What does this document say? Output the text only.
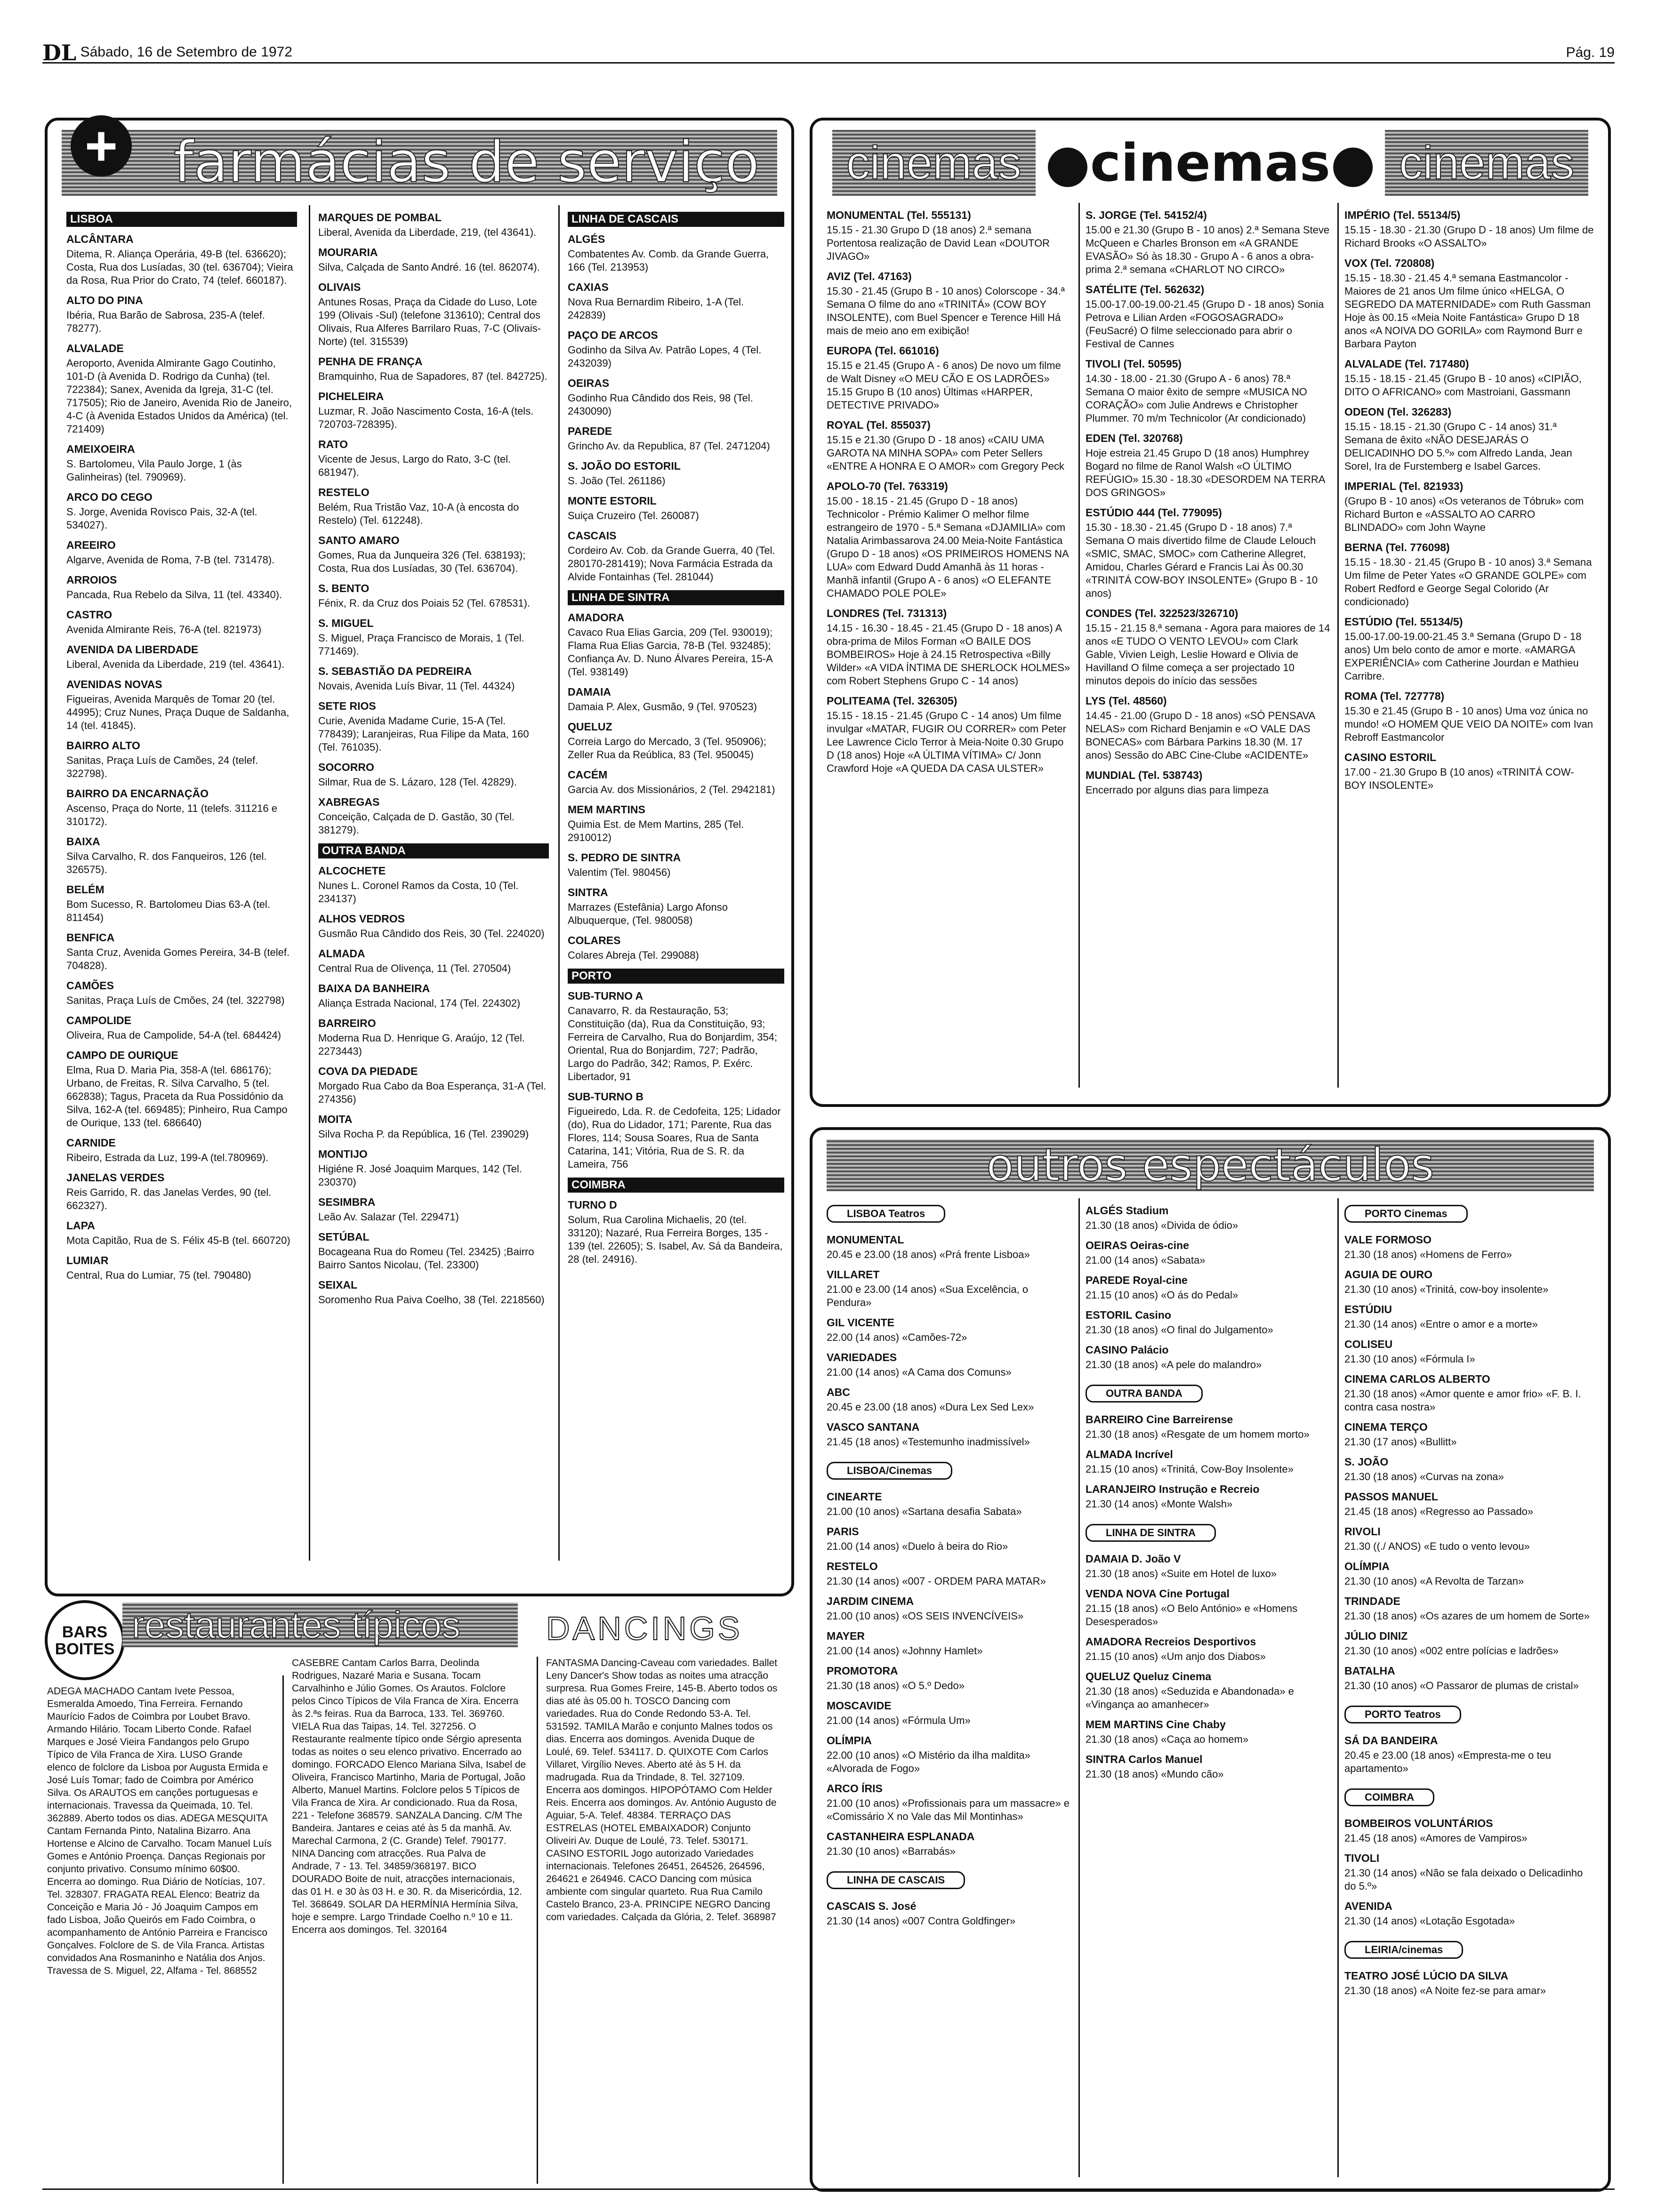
DL Sábado, 16 de Setembro de 1972	Pág. 19
farmácias de serviço
LISBOA
ALCÂNTARA

Ditema, R. Aliança Operária, 49-B (tel. 636620); Costa, Rua dos Lusíadas, 30 (tel. 636704); Vieira da Rosa, Rua Prior do Crato, 74 (telef. 660187).

ALTO DO PINA

Ibéria, Rua Barão de Sabrosa, 235-A (telef. 78277).

ALVALADE

Aeroporto, Avenida Almirante Gago Coutinho, 101-D (à Avenida D. Rodrigo da Cunha) (tel. 722384); Sanex, Avenida da Igreja, 31-C (tel. 717505); Rio de Janeiro, Avenida Rio de Janeiro, 4-C (à Avenida Estados Unidos da América) (tel. 721409)

AMEIXOEIRA

S. Bartolomeu, Vila Paulo Jorge, 1 (às Galinheiras) (tel. 790969).

ARCO DO CEGO

S. Jorge, Avenida Rovisco Pais, 32-A (tel. 534027).

AREEIRO

Algarve, Avenida de Roma, 7-B (tel. 731478).

ARROIOS

Pancada, Rua Rebelo da Silva, 11 (tel. 43340).

CASTRO

Avenida Almirante Reis, 76-A (tel. 821973)

AVENIDA DA LIBERDADE

Liberal, Avenida da Liberdade, 219 (tel. 43641).

AVENIDAS NOVAS

Figueiras, Avenida Marquês de Tomar 20 (tel. 44995); Cruz Nunes, Praça Duque de Saldanha, 14 (tel. 41845).

BAIRRO ALTO

Sanitas, Praça Luís de Camões, 24 (telef. 322798).

BAIRRO DA ENCARNAÇÃO

Ascenso, Praça do Norte, 11 (telefs. 311216 e 310172).

BAIXA

Silva Carvalho, R. dos Fanqueiros, 126 (tel. 326575).

BELÉM

Bom Sucesso, R. Bartolomeu Dias 63-A (tel. 811454)

BENFICA

Santa Cruz, Avenida Gomes Pereira, 34-B (telef. 704828).

CAMÕES

Sanitas, Praça Luís de Cmões, 24 (tel. 322798)

CAMPOLIDE

Oliveira, Rua de Campolide, 54-A (tel. 684424)

CAMPO DE OURIQUE

Elma, Rua D. Maria Pia, 358-A (tel. 686176); Urbano, de Freitas, R. Silva Carvalho, 5 (tel. 662838); Tagus, Praceta da Rua Possidónio da Silva, 162-A (tel. 669485); Pinheiro, Rua Campo de Ourique, 133 (tel. 686640)

CARNIDE

Ribeiro, Estrada da Luz, 199-A (tel.780969).

JANELAS VERDES

Reis Garrido, R. das Janelas Verdes, 90 (tel. 662327).

LAPA

Mota Capitão, Rua de S. Félix 45-B (tel. 660720)

LUMIAR

Central, Rua do Lumiar, 75 (tel. 790480)

MARQUES DE POMBAL

Liberal, Avenida da Liberdade, 219, (tel 43641).

MOURARIA

Silva, Calçada de Santo André. 16 (tel. 862074).

OLIVAIS

Antunes Rosas, Praça da Cidade do Luso, Lote 199 (Olivais -Sul) (telefone 313610); Central dos Olivais, Rua Alferes Barrilaro Ruas, 7-C (Olivais-Norte) (tel. 315539)

PENHA DE FRANÇA

Bramquinho, Rua de Sapadores, 87 (tel. 842725).

PICHELEIRA

Luzmar, R. João Nascimento Costa, 16-A (tels. 720703-728395).

RATO

Vicente de Jesus, Largo do Rato, 3-C (tel. 681947).

RESTELO

Belém, Rua Tristão Vaz, 10-A (à encosta do Restelo) (Tel. 612248).

SANTO AMARO

Gomes, Rua da Junqueira 326 (Tel. 638193); Costa, Rua dos Lusíadas, 30 (Tel. 636704).

S. BENTO

Fénix, R. da Cruz dos Poiais 52 (Tel. 678531).

S. MIGUEL

S. Miguel, Praça Francisco de Morais, 1 (Tel. 771469).

S. SEBASTIÃO DA PEDREIRA

Novais, Avenida Luís Bivar, 11 (Tel. 44324)

SETE RIOS

Curie, Avenida Madame Curie, 15-A (Tel. 778439); Laranjeiras, Rua Filipe da Mata, 160 (Tel. 761035).

SOCORRO

Silmar, Rua de S. Lázaro, 128 (Tel. 42829).

XABREGAS

Conceição, Calçada de D. Gastão, 30 (Tel. 381279).

OUTRA BANDA
ALCOCHETE

Nunes L. Coronel Ramos da Costa, 10 (Tel. 234137)

ALHOS VEDROS

Gusmão Rua Cândido dos Reis, 30 (Tel. 224020)

ALMADA

Central Rua de Olivença, 11 (Tel. 270504)

BAIXA DA BANHEIRA

Aliança Estrada Nacional, 174 (Tel. 224302)

BARREIRO

Moderna Rua D. Henrique G. Araújo, 12 (Tel. 2273443)

COVA DA PIEDADE

Morgado Rua Cabo da Boa Esperança, 31-A (Tel. 274356)

MOITA

Silva Rocha P. da República, 16 (Tel. 239029)

MONTIJO

Higiéne R. José Joaquim Marques, 142 (Tel. 230370)

SESIMBRA

Leão Av. Salazar (Tel. 229471)

SETÚBAL

Bocageana Rua do Romeu (Tel. 23425) ;Bairro Bairro Santos Nicolau, (Tel. 23300)

SEIXAL

Soromenho Rua Paiva Coelho, 38 (Tel. 2218560)

LINHA DE CASCAIS
ALGÉS

Combatentes Av. Comb. da Grande Guerra, 166 (Tel. 213953)

CAXIAS

Nova Rua Bernardim Ribeiro, 1-A (Tel. 242839)

PAÇO DE ARCOS

Godinho da Silva Av. Patrão Lopes, 4 (Tel. 2432039)

OEIRAS

Godinho Rua Cândido dos Reis, 98 (Tel. 2430090)

PAREDE

Grincho Av. da Republica, 87 (Tel. 2471204)

S. JOÃO DO ESTORIL

S. João (Tel. 261186)

MONTE ESTORIL

Suiça Cruzeiro (Tel. 260087)

CASCAIS

Cordeiro Av. Cob. da Grande Guerra, 40 (Tel. 280170-281419); Nova Farmácia Estrada da Alvide Fontainhas (Tel. 281044)

LINHA DE SINTRA
AMADORA

Cavaco Rua Elias Garcia, 209 (Tel. 930019); Flama Rua Elias Garcia, 78-B (Tel. 932485); Confiança Av. D. Nuno Álvares Pereira, 15-A (Tel. 938149)

DAMAIA

Damaia P. Alex, Gusmão, 9 (Tel. 970523)

QUELUZ

Correia Largo do Mercado, 3 (Tel. 950906); Zeller Rua da Reública, 83 (Tel. 950045)

CACÉM

Garcia Av. dos Missionários, 2 (Tel. 2942181)

MEM MARTINS

Quimia Est. de Mem Martins, 285 (Tel. 2910012)

S. PEDRO DE SINTRA

Valentim (Tel. 980456)

SINTRA

Marrazes (Estefânia) Largo Afonso Albuquerque, (Tel. 980058)

COLARES

Colares Abreja (Tel. 299088)

PORTO
SUB-TURNO A

Canavarro, R. da Restauração, 53; Constituição (da), Rua da Constituição, 93; Ferreira de Carvalho, Rua do Bonjardim, 354; Oriental, Rua do Bonjardim, 727; Padrão, Largo do Padrão, 342; Ramos, P. Exérc. Libertador, 91

SUB-TURNO B

Figueiredo, Lda. R. de Cedofeita, 125; Lidador (do), Rua do Lidador, 171; Parente, Rua das Flores, 114; Sousa Soares, Rua de Santa Catarina, 141; Vitória, Rua de S. R. da Lameira, 756

COIMBRA
TURNO D

Solum, Rua Carolina Michaelis, 20 (tel. 33120); Nazaré, Rua Ferreira Borges, 135 - 139 (tel. 22605); S. Isabel, Av. Sá da Bandeira, 28 (tel. 24916).

+	cinemas ●cinemas● cinemas
MONUMENTAL (Tel. 555131)

15.15 - 21.30 Grupo D (18 anos) 2.ª semana Portentosa realização de David Lean «DOUTOR JIVAGO»

AVIZ (Tel. 47163)

15.30 - 21.45 (Grupo B - 10 anos) Colorscope - 34.ª Semana O filme do ano «TRINITÁ» (COW BOY INSOLENTE), com Buel Spencer e Terence Hill Há mais de meio ano em exibição!

EUROPA (Tel. 661016)

15.15 e 21.45 (Grupo A - 6 anos) De novo um filme de Walt Disney «O MEU CÃO E OS LADRÕES» 15.15 Grupo B (10 anos) Últimas «HARPER, DETECTIVE PRIVADO»

ROYAL (Tel. 855037)

15.15 e 21.30 (Grupo D - 18 anos) «CAIU UMA GAROTA NA MINHA SOPA» com Peter Sellers «ENTRE A HONRA E O AMOR» com Gregory Peck

APOLO-70 (Tel. 763319)

15.00 - 18.15 - 21.45 (Grupo D - 18 anos) Technicolor - Prémio Kalimer O melhor filme estrangeiro de 1970 - 5.ª Semana «DJAMILIA» com Natalia Arimbassarova 24.00 Meia-Noite Fantástica (Grupo D - 18 anos) «OS PRIMEIROS HOMENS NA LUA» com Edward Dudd Amanhã às 11 horas - Manhã infantil (Grupo A - 6 anos) «O ELEFANTE CHAMADO POLE POLE»

LONDRES (Tel. 731313)

14.15 - 16.30 - 18.45 - 21.45 (Grupo D - 18 anos) A obra-prima de Milos Forman «O BAILE DOS BOMBEIROS» Hoje à 24.15 Retrospectiva «Billy Wilder» «A VIDA ÍNTIMA DE SHERLOCK HOLMES» com Robert Stephens Grupo C - 14 anos)

POLITEAMA (Tel. 326305)

15.15 - 18.15 - 21.45 (Grupo C - 14 anos) Um filme invulgar «MATAR, FUGIR OU CORRER» com Peter Lee Lawrence Ciclo Terror à Meia-Noite 0.30 Grupo D (18 anos) Hoje «A ÚLTIMA VÍTIMA» C/ Jonn Crawford Hoje «A QUEDA DA CASA ULSTER»

S. JORGE (Tel. 54152/4)

15.00 e 21.30 (Grupo B - 10 anos) 2.ª Semana Steve McQueen e Charles Bronson em «A GRANDE EVASÃO» Só às 18.30 - Grupo A - 6 anos a obra-prima 2.ª semana «CHARLOT NO CIRCO»

SATÉLITE (Tel. 562632)

15.00-17.00-19.00-21.45 (Grupo D - 18 anos) Sonia Petrova e Lilian Arden «FOGOSAGRADO» (FeuSacré) O filme seleccionado para abrir o Festival de Cannes

TIVOLI (Tel. 50595)

14.30 - 18.00 - 21.30 (Grupo A - 6 anos) 78.ª Semana O maior êxito de sempre «MUSICA NO CORAÇÃO» com Julie Andrews e Christopher Plummer. 70 m/m Technicolor (Ar condicionado)

EDEN (Tel. 320768)

Hoje estreia 21.45 Grupo D (18 anos) Humphrey Bogard no filme de Ranol Walsh «O ÚLTIMO REFÚGIO» 15.30 - 18.30 «DESORDEM NA TERRA DOS GRINGOS»

ESTÚDIO 444 (Tel. 779095)

15.30 - 18.30 - 21.45 (Grupo D - 18 anos) 7.ª Semana O mais divertido filme de Claude Lelouch «SMIC, SMAC, SMOC» com Catherine Allegret, Amidou, Charles Gérard e Francis Lai Às 00.30 «TRINITÁ COW-BOY INSOLENTE» (Grupo B - 10 anos)

CONDES (Tel. 322523/326710)

15.15 - 21.15 8.ª semana - Agora para maiores de 14 anos «E TUDO O VENTO LEVOU» com Clark Gable, Vivien Leigh, Leslie Howard e Olivia de Havilland O filme começa a ser projectado 10 minutos depois do início das sessões

LYS (Tel. 48560)

14.45 - 21.00 (Grupo D - 18 anos) «SÓ PENSAVA NELAS» com Richard Benjamin e «O VALE DAS BONECAS» com Bárbara Parkins 18.30 (M. 17 anos) Sessão do ABC Cine-Clube «ACIDENTE»

MUNDIAL (Tel. 538743)

Encerrado por alguns dias para limpeza

IMPÉRIO (Tel. 55134/5)

15.15 - 18.30 - 21.30 (Grupo D - 18 anos) Um filme de Richard Brooks «O ASSALTO»

VOX (Tel. 720808)

15.15 - 18.30 - 21.45 4.ª semana Eastmancolor - Maiores de 21 anos Um filme único «HELGA, O SEGREDO DA MATERNIDADE» com Ruth Gassman Hoje às 00.15 «Meia Noite Fantástica» Grupo D 18 anos «A NOIVA DO GORILA» com Raymond Burr e Barbara Payton

ALVALADE (Tel. 717480)

15.15 - 18.15 - 21.45 (Grupo B - 10 anos) «CIPIÃO, DITO O AFRICANO» com Mastroiani, Gassmann

ODEON (Tel. 326283)

15.15 - 18.15 - 21.30 (Grupo C - 14 anos) 31.ª Semana de êxito «NÃO DESEJARÁS O DELICADINHO DO 5.º» com Alfredo Landa, Jean Sorel, Ira de Furstemberg e Isabel Garces.

IMPERIAL (Tel. 821933)

(Grupo B - 10 anos) «Os veteranos de Tóbruk» com Richard Burton e «ASSALTO AO CARRO BLINDADO» com John Wayne

BERNA (Tel. 776098)

15.15 - 18.30 - 21.45 (Grupo B - 10 anos) 3.ª Semana Um filme de Peter Yates «O GRANDE GOLPE» com Robert Redford e George Segal Colorido (Ar condicionado)

ESTÚDIO (Tel. 55134/5)

15.00-17.00-19.00-21.45 3.ª Semana (Grupo D - 18 anos) Um belo conto de amor e morte. «AMARGA EXPERIÊNCIA» com Catherine Jourdan e Mathieu Carribre.

ROMA (Tel. 727778)

15.30 e 21.45 (Grupo B - 10 anos) Uma voz única no mundo! «O HOMEM QUE VEIO DA NOITE» com Ivan Rebroff Eastmancolor

CASINO ESTORIL

17.00 - 21.30 Grupo B (10 anos) «TRINITÁ COW-BOY INSOLENTE»

outros espectáculos
LISBOA Teatros
MONUMENTAL

20.45 e 23.00 (18 anos) «Prá frente Lisboa»

VILLARET

21.00 e 23.00 (14 anos) «Sua Excelência, o Pendura»

GIL VICENTE

22.00 (14 anos) «Camões-72»

VARIEDADES

21.00 (14 anos) «A Cama dos Comuns»

ABC

20.45 e 23.00 (18 anos) «Dura Lex Sed Lex»

VASCO SANTANA

21.45 (18 anos) «Testemunho inadmissível»

LISBOA/Cinemas
CINEARTE

21.00 (10 anos) «Sartana desafia Sabata»

PARIS

21.00 (14 anos) «Duelo à beira do Rio»

RESTELO

21.30 (14 anos) «007 - ORDEM PARA MATAR»

JARDIM CINEMA

21.00 (10 anos) «OS SEIS INVENCÍVEIS»

MAYER

21.00 (14 anos) «Johnny Hamlet»

PROMOTORA

21.30 (18 anos) «O 5.º Dedo»

MOSCAVIDE

21.00 (14 anos) «Fórmula Um»

OLÍMPIA

22.00 (10 anos) «O Mistério da ilha maldita» «Alvorada de Fogo»

ARCO ÍRIS

21.00 (10 anos) «Profissionais para um massacre» e «Comissário X no Vale das Mil Montinhas»

CASTANHEIRA ESPLANADA

21.30 (10 anos) «Barrabás»

LINHA DE CASCAIS
CASCAIS S. José

21.30 (14 anos) «007 Contra Goldfinger»

ALGÉS Stadium

21.30 (18 anos) «Divida de ódio»

OEIRAS Oeiras-cine

21.00 (14 anos) «Sabata»

PAREDE Royal-cine

21.15 (10 anos) «O ás do Pedal»

ESTORIL Casino

21.30 (18 anos) «O final do Julgamento»

CASINO Palácio

21.30 (18 anos) «A pele do malandro»

OUTRA BANDA
BARREIRO Cine Barreirense

21.30 (18 anos) «Resgate de um homem morto»

ALMADA Incrível

21.15 (10 anos) «Trinitá, Cow-Boy Insolente»

LARANJEIRO Instrução e Recreio

21.30 (14 anos) «Monte Walsh»

LINHA DE SINTRA
DAMAIA D. João V

21.30 (18 anos) «Suite em Hotel de luxo»

VENDA NOVA Cine Portugal

21.15 (18 anos) «O Belo António» e «Homens Desesperados»

AMADORA Recreios Desportivos

21.15 (10 anos) «Um anjo dos Diabos»

QUELUZ Queluz Cinema

21.30 (18 anos) «Seduzida e Abandonada» e «Vingança ao amanhecer»

MEM MARTINS Cine Chaby

21.30 (18 anos) «Caça ao homem»

SINTRA Carlos Manuel

21.30 (18 anos) «Mundo cão»

PORTO Cinemas
VALE FORMOSO

21.30 (18 anos) «Homens de Ferro»

AGUIA DE OURO

21.30 (10 anos) «Trinitá, cow-boy insolente»

ESTÚDIU

21.30 (14 anos) «Entre o amor e a morte»

COLISEU

21.30 (10 anos) «Fórmula I»

CINEMA CARLOS ALBERTO

21.30 (18 anos) «Amor quente e amor frio» «F. B. I. contra casa nostra»

CINEMA TERÇO

21.30 (17 anos) «Bullitt»

S. JOÃO

21.30 (18 anos) «Curvas na zona»

PASSOS MANUEL

21.45 (18 anos) «Regresso ao Passado»

RIVOLI

21.30 ((./ ANOS) «E tudo o vento levou»

OLÍMPIA

21.30 (10 anos) «A Revolta de Tarzan»

TRINDADE

21.30 (18 anos) «Os azares de um homem de Sorte»

JÚLIO DINIZ

21.30 (10 anos) «002 entre polícias e ladrões»

BATALHA

21.30 (10 anos) «O Passaror de plumas de cristal»

PORTO Teatros
SÁ DA BANDEIRA

20.45 e 23.00 (18 anos) «Empresta-me o teu apartamento»

COIMBRA
BOMBEIROS VOLUNTÁRIOS

21.45 (18 anos) «Amores de Vampiros»

TIVOLI

21.30 (14 anos) «Não se fala deixado o Delicadinho do 5.º»

AVENIDA

21.30 (14 anos) «Lotação Esgotada»

LEIRIA/cinemas
TEATRO JOSÉ LÚCIO DA SILVA

21.30 (18 anos) «A Noite fez-se para amar»

BARS
BOITES
restaurantes típicos	DANCINGS
ADEGA MACHADO Cantam Ivete Pessoa, Esmeralda Amoedo, Tina Ferreira. Fernando Maurício Fados de Coimbra por Loubet Bravo. Armando Hilário. Tocam Liberto Conde. Rafael Marques e José Vieira Fandangos pelo Grupo Típico de Vila Franca de Xira. LUSO Grande elenco de folclore da Lisboa por Augusta Ermida e José Luís Tomar; fado de Coimbra por Américo Silva. Os ARAUTOS em canções portuguesas e internacionais. Travessa da Queimada, 10. Tel. 362889. Aberto todos os dias. ADEGA MESQUITA Cantam Fernanda Pinto, Natalina Bizarro. Ana Hortense e Alcino de Carvalho. Tocam Manuel Luís Gomes e António Proença. Danças Regionais por conjunto privativo. Consumo mínimo 60$00. Encerra ao domingo. Rua Diário de Notícias, 107. Tel. 328307. FRAGATA REAL Elenco: Beatriz da Conceição e Maria Jó - Jó Joaquim Campos em fado Lisboa, João Queirós em Fado Coimbra, o acompanhamento de António Parreira e Francisco Gonçalves. Folclore de S. de Vila Franca. Artistas convidados Ana Rosmaninho e Natália dos Anjos. Travessa de S. Miguel, 22, Alfama - Tel. 868552
CASEBRE Cantam Carlos Barra, Deolinda Rodrigues, Nazaré Maria e Susana. Tocam Carvalhinho e Júlio Gomes. Os Arautos. Folclore pelos Cinco Típicos de Vila Franca de Xira. Encerra às 2.ªs feiras. Rua da Barroca, 133. Tel. 369760. VIELA Rua das Taipas, 14. Tel. 327256. O Restaurante realmente típico onde Sérgio apresenta todas as noites o seu elenco privativo. Encerrado ao domingo. FORCADO Elenco Mariana Silva, Isabel de Oliveira, Francisco Martinho, Maria de Portugal, João Alberto, Manuel Martins. Folclore pelos 5 Típicos de Vila Franca de Xira. Ar condicionado. Rua da Rosa, 221 - Telefone 368579. SANZALA Dancing. C/M The Bandeira. Jantares e ceias até às 5 da manhã. Av. Marechal Carmona, 2 (C. Grande) Telef. 790177. NINA Dancing com atracções. Rua Palva de Andrade, 7 - 13. Tel. 34859/368197. BICO DOURADO Boite de nuit, atracções internacionais, das 01 H. e 30 às 03 H. e 30. R. da Misericórdia, 12. Tel. 368649. SOLAR DA HERMÍNIA Hermínia Silva, hoje e sempre. Largo Trindade Coelho n.º 10 e 11. Encerra aos domingos. Tel. 320164
FANTASMA Dancing-Caveau com variedades. Ballet Leny Dancer's Show todas as noites uma atracção surpresa. Rua Gomes Freire, 145-B. Aberto todos os dias até às 05.00 h. TOSCO Dancing com variedades. Rua do Conde Redondo 53-A. Tel. 531592. TAMILA Marão e conjunto Malnes todos os dias. Encerra aos domingos. Avenida Duque de Loulé, 69. Telef. 534117. D. QUIXOTE Com Carlos Villaret, Virgílio Neves. Aberto até às 5 H. da madrugada. Rua da Trindade, 8. Tel. 327109. Encerra aos domingos. HIPOPÓTAMO Com Helder Reis. Encerra aos domingos. Av. António Augusto de Aguiar, 5-A. Telef. 48384. TERRAÇO DAS ESTRELAS (HOTEL EMBAIXADOR) Conjunto Oliveiri Av. Duque de Loulé, 73. Telef. 530171. CASINO ESTORIL Jogo autorizado Variedades internacionais. Telefones 26451, 264526, 264596, 264621 e 264946. CACO Dancing com música ambiente com singular quarteto. Rua Rua Camilo Castelo Branco, 23-A. PRINCIPE NEGRO Dancing com variedades. Calçada da Glória, 2. Telef. 368987
